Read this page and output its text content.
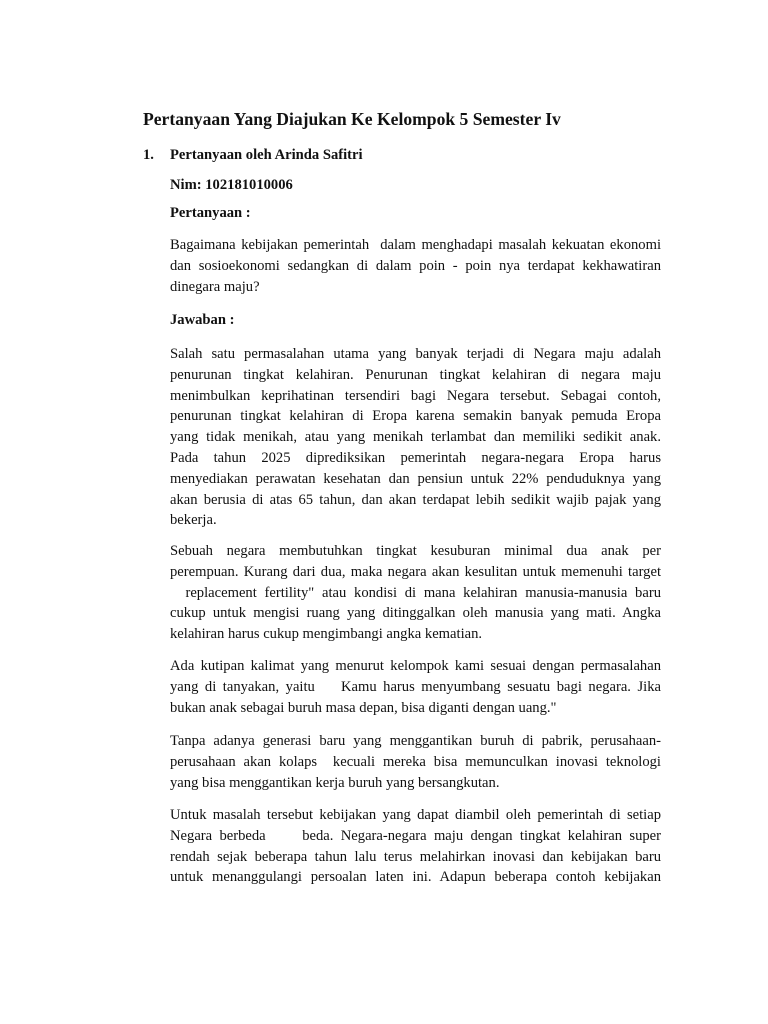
Pertanyaan Yang Diajukan Ke Kelompok 5 Semester Iv
1. Pertanyaan oleh Arinda Safitri
Nim: 102181010006
Pertanyaan :

Bagaimana kebijakan pemerintah  dalam menghadapi masalah kekuatan ekonomi
dan sosioekonomi sedangkan di dalam poin - poin nya terdapat kekhawatiran
dinegara maju?

Jawaban :

Salah satu permasalahan utama yang banyak terjadi di Negara maju adalah
penurunan tingkat kelahiran. Penurunan tingkat kelahiran di negara maju
menimbulkan keprihatinan tersendiri bagi Negara tersebut. Sebagai contoh,
penurunan tingkat kelahiran di Eropa karena semakin banyak pemuda Eropa
yang tidak menikah, atau yang menikah terlambat dan memiliki sedikit anak.
Pada tahun 2025 diprediksikan pemerintah negara-negara Eropa harus
menyediakan perawatan kesehatan dan pensiun untuk 22% penduduknya yang
akan berusia di atas 65 tahun, dan akan terdapat lebih sedikit wajib pajak yang
bekerja.

Sebuah negara membutuhkan tingkat kesuburan minimal dua anak per
perempuan. Kurang dari dua, maka negara akan kesulitan untuk memenuhi target
replacement fertility" atau kondisi di mana kelahiran manusia-manusia baru
cukup untuk mengisi ruang yang ditinggalkan oleh manusia yang mati. Angka
kelahiran harus cukup mengimbangi angka kematian.

Ada kutipan kalimat yang menurut kelompok kami sesuai dengan permasalahan
yang di tanyakan, yaitu    Kamu harus menyumbang sesuatu bagi negara. Jika
bukan anak sebagai buruh masa depan, bisa diganti dengan uang."

Tanpa adanya generasi baru yang menggantikan buruh di pabrik, perusahaan-
perusahaan akan kolaps  kecuali mereka bisa memunculkan inovasi teknologi
yang bisa menggantikan kerja buruh yang bersangkutan.

Untuk masalah tersebut kebijakan yang dapat diambil oleh pemerintah di setiap
Negara berbeda     beda. Negara-negara maju dengan tingkat kelahiran super
rendah sejak beberapa tahun lalu terus melahirkan inovasi dan kebijakan baru
untuk menanggulangi persoalan laten ini. Adapun beberapa contoh kebijakan
